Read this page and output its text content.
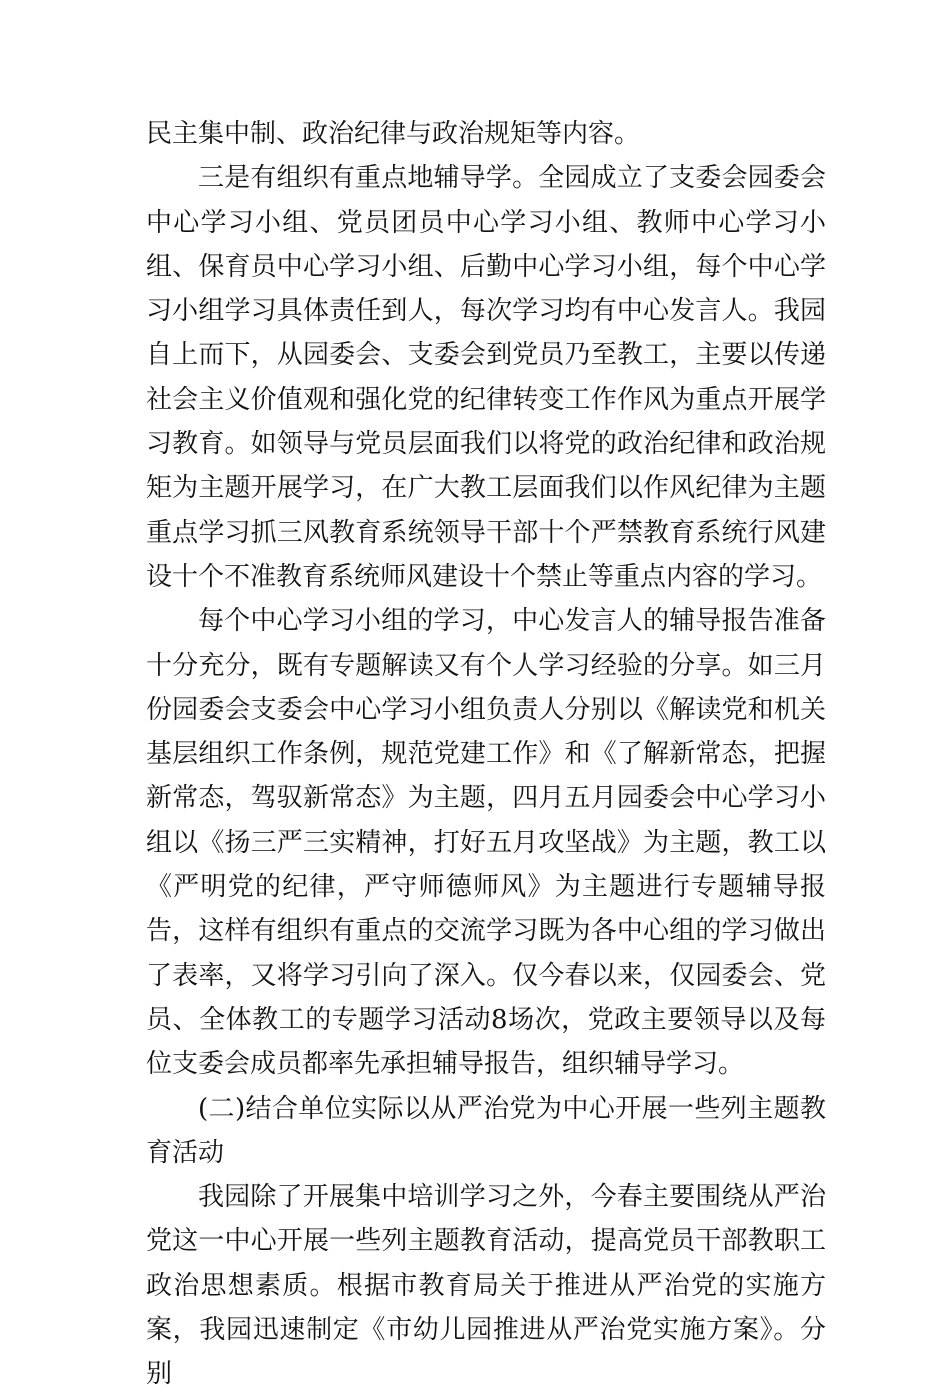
民主集中制、政治纪律与政治规矩等内容。

三是有组织有重点地辅导学。全园成立了支委会园委会中心学习小组、党员团员中心学习小组、教师中心学习小组、保育员中心学习小组、后勤中心学习小组，每个中心学习小组学习具体责任到人，每次学习均有中心发言人。我园自上而下，从园委会、支委会到党员乃至教工，主要以传递社会主义价值观和强化党的纪律转变工作作风为重点开展学习教育。如领导与党员层面我们以将党的政治纪律和政治规矩为主题开展学习，在广大教工层面我们以作风纪律为主题重点学习抓三风教育系统领导干部十个严禁教育系统行风建设十个不准教育系统师风建设十个禁止等重点内容的学习。

每个中心学习小组的学习，中心发言人的辅导报告准备十分充分，既有专题解读又有个人学习经验的分享。如三月份园委会支委会中心学习小组负责人分别以《解读党和机关基层组织工作条例，规范党建工作》和《了解新常态，把握新常态，驾驭新常态》为主题，四月五月园委会中心学习小组以《扬三严三实精神，打好五月攻坚战》为主题，教工以《严明党的纪律，严守师德师风》为主题进行专题辅导报告，这样有组织有重点的交流学习既为各中心组的学习做出了表率，又将学习引向了深入。仅今春以来，仅园委会、党员、全体教工的专题学习活动8场次，党政主要领导以及每位支委会成员都率先承担辅导报告，组织辅导学习。

(二)结合单位实际以从严治党为中心开展一些列主题教育活动

我园除了开展集中培训学习之外，今春主要围绕从严治党这一中心开展一些列主题教育活动，提高党员干部教职工政治思想素质。根据市教育局关于推进从严治党的实施方案，我园迅速制定《市幼儿园推进从严治党实施方案》。分别
